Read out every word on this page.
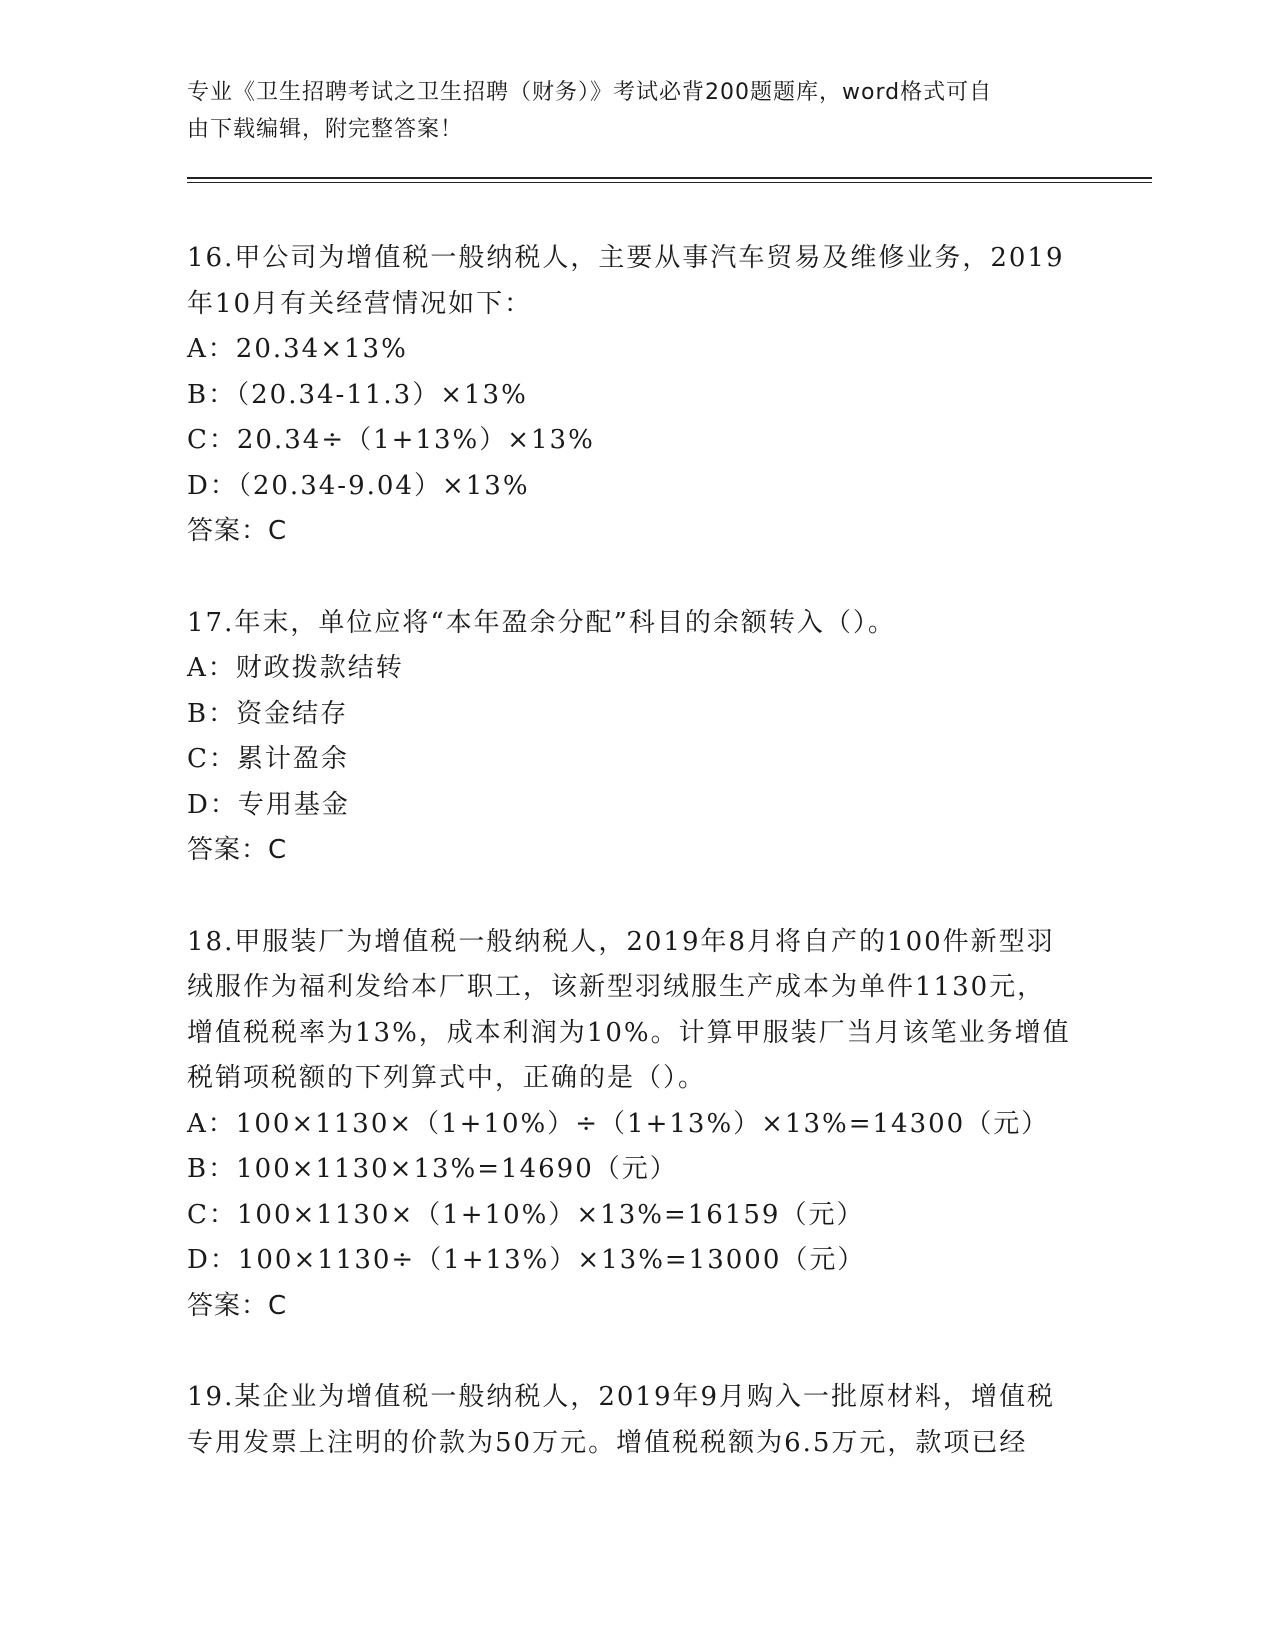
专业《卫生招聘考试之卫生招聘（财务）》考试必背200题题库，word格式可自
由下载编辑，附完整答案！
16.甲公司为增值税一般纳税人，主要从事汽车贸易及维修业务，2019
年10月有关经营情况如下：
A：20.34×13%
B：（20.34-11.3）×13%
C：20.34÷（1+13%）×13%
D：（20.34-9.04）×13%
答案：C
17.年末，单位应将“本年盈余分配”科目的余额转入（）。
A：财政拨款结转
B：资金结存
C：累计盈余
D：专用基金
答案：C
18.甲服装厂为增值税一般纳税人，2019年8月将自产的100件新型羽
绒服作为福利发给本厂职工，该新型羽绒服生产成本为单件1130元，
增值税税率为13%，成本利润为10%。计算甲服装厂当月该笔业务增值
税销项税额的下列算式中，正确的是（）。
A：100×1130×（1+10%）÷（1+13%）×13%=14300（元）
B：100×1130×13%=14690（元）
C：100×1130×（1+10%）×13%=16159（元）
D：100×1130÷（1+13%）×13%=13000（元）
答案：C
19.某企业为增值税一般纳税人，2019年9月购入一批原材料，增值税
专用发票上注明的价款为50万元。增值税税额为6.5万元，款项已经
